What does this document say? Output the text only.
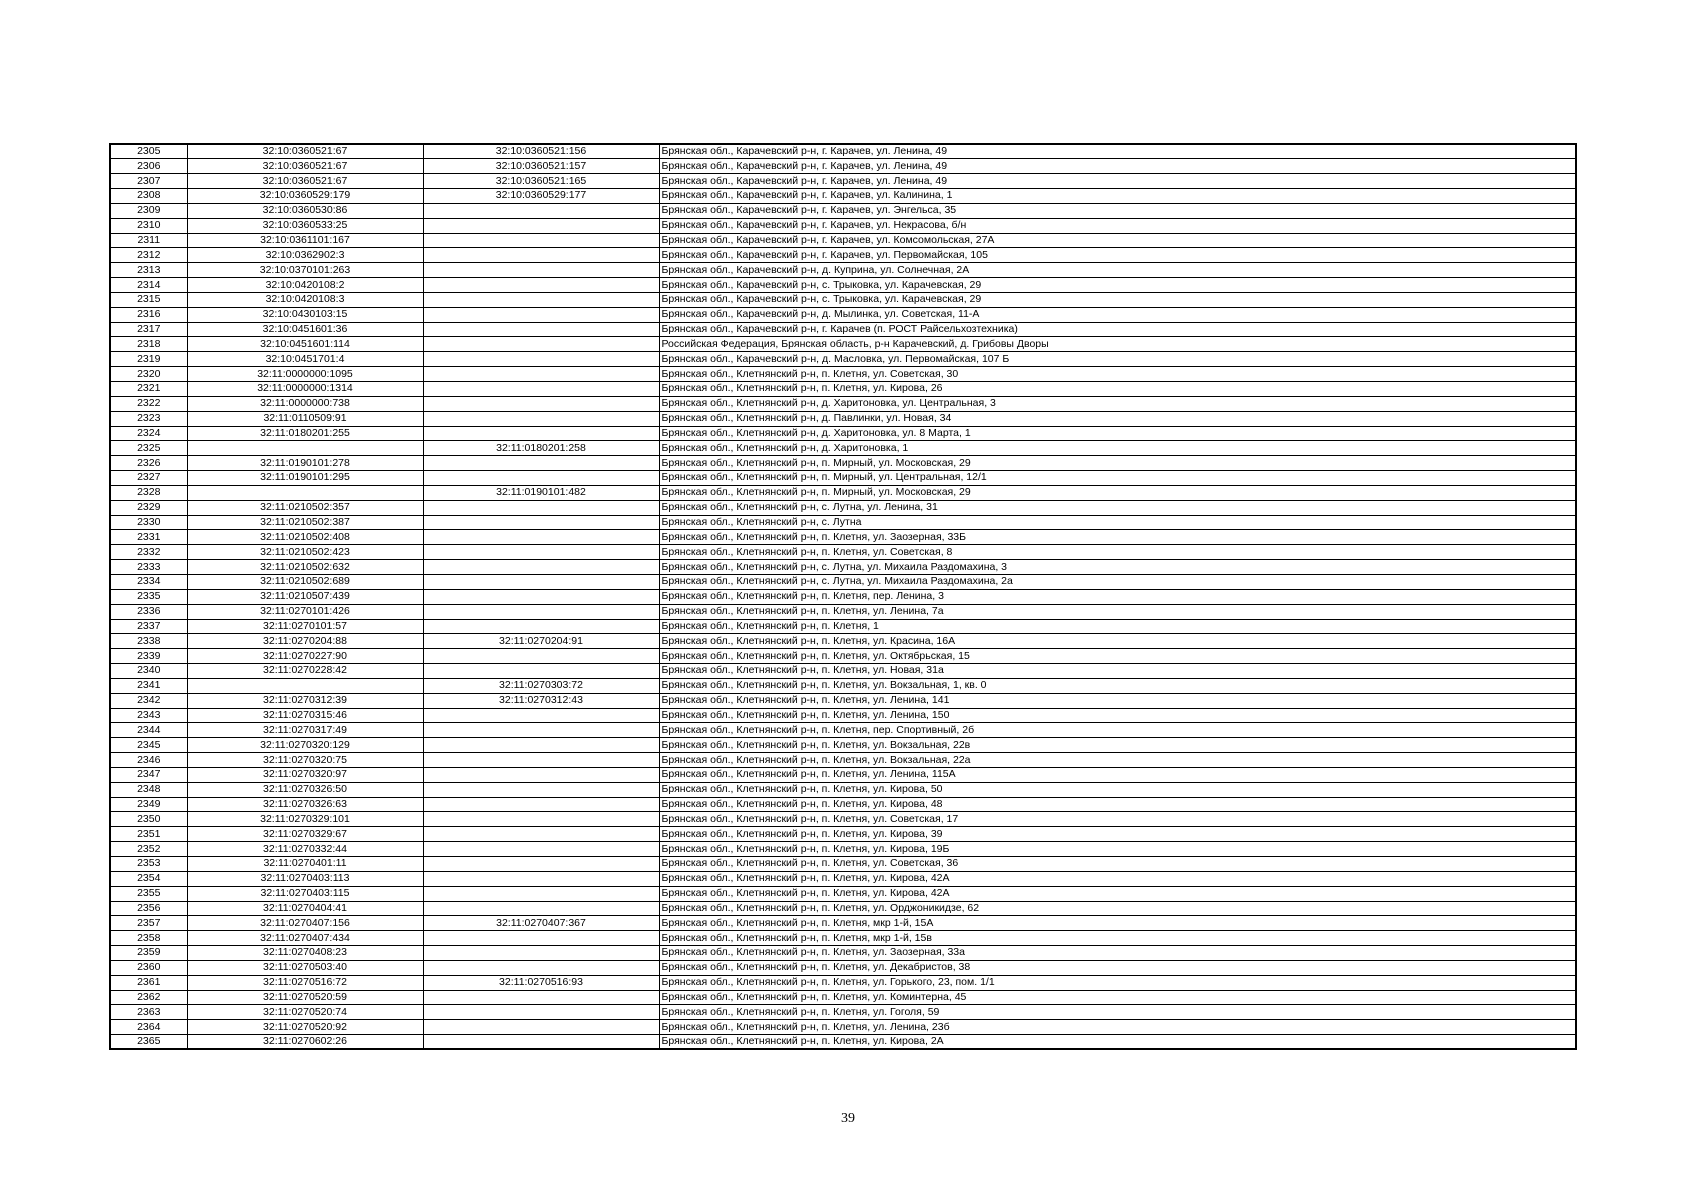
2305	32:10:0360521:67	32:10:0360521:156	Брянская обл., Карачевский р-н, г. Карачев, ул. Ленина, 49
2306	32:10:0360521:67	32:10:0360521:157	Брянская обл., Карачевский р-н, г. Карачев, ул. Ленина, 49
2307	32:10:0360521:67	32:10:0360521:165	Брянская обл., Карачевский р-н, г. Карачев, ул. Ленина, 49
2308	32:10:0360529:179	32:10:0360529:177	Брянская обл., Карачевский р-н, г. Карачев, ул. Калинина, 1
2309	32:10:0360530:86		Брянская обл., Карачевский р-н, г. Карачев, ул. Энгельса, 35
2310	32:10:0360533:25		Брянская обл., Карачевский р-н, г. Карачев, ул. Некрасова, б/н
2311	32:10:0361101:167		Брянская обл., Карачевский р-н, г. Карачев, ул. Комсомольская, 27А
2312	32:10:0362902:3		Брянская обл., Карачевский р-н, г. Карачев, ул. Первомайская, 105
2313	32:10:0370101:263		Брянская обл., Карачевский р-н, д. Куприна, ул. Солнечная, 2А
2314	32:10:0420108:2		Брянская обл., Карачевский р-н, с. Трыковка, ул. Карачевская, 29
2315	32:10:0420108:3		Брянская обл., Карачевский р-н, с. Трыковка, ул. Карачевская, 29
2316	32:10:0430103:15		Брянская обл., Карачевский р-н, д. Мылинка, ул. Советская, 11-А
2317	32:10:0451601:36		Брянская обл., Карачевский р-н, г. Карачев (п. РОСТ Райсельхозтехника)
2318	32:10:0451601:114		Российская Федерация, Брянская область, р-н Карачевский, д. Грибовы Дворы
2319	32:10:0451701:4		Брянская обл., Карачевский р-н, д. Масловка, ул. Первомайская, 107 Б
2320	32:11:0000000:1095		Брянская обл., Клетнянский р-н, п. Клетня, ул. Советская, 30
2321	32:11:0000000:1314		Брянская обл., Клетнянский р-н, п. Клетня, ул. Кирова, 26
2322	32:11:0000000:738		Брянская обл., Клетнянский р-н, д. Харитоновка, ул. Центральная, 3
2323	32:11:0110509:91		Брянская обл., Клетнянский р-н, д. Павлинки, ул. Новая, 34
2324	32:11:0180201:255		Брянская обл., Клетнянский р-н, д. Харитоновка, ул. 8 Марта, 1
2325		32:11:0180201:258	Брянская обл., Клетнянский р-н, д. Харитоновка, 1
2326	32:11:0190101:278		Брянская обл., Клетнянский р-н, п. Мирный, ул. Московская, 29
2327	32:11:0190101:295		Брянская обл., Клетнянский р-н, п. Мирный, ул. Центральная, 12/1
2328		32:11:0190101:482	Брянская обл., Клетнянский р-н, п. Мирный, ул. Московская, 29
2329	32:11:0210502:357		Брянская обл., Клетнянский р-н, с. Лутна, ул. Ленина, 31
2330	32:11:0210502:387		Брянская обл., Клетнянский р-н, с. Лутна
2331	32:11:0210502:408		Брянская обл., Клетнянский р-н, п. Клетня, ул. Заозерная, 33Б
2332	32:11:0210502:423		Брянская обл., Клетнянский р-н, п. Клетня, ул. Советская, 8
2333	32:11:0210502:632		Брянская обл., Клетнянский р-н, с. Лутна, ул. Михаила Раздомахина, 3
2334	32:11:0210502:689		Брянская обл., Клетнянский р-н, с. Лутна, ул. Михаила Раздомахина, 2а
2335	32:11:0210507:439		Брянская обл., Клетнянский р-н, п. Клетня, пер. Ленина, 3
2336	32:11:0270101:426		Брянская обл., Клетнянский р-н, п. Клетня, ул. Ленина, 7а
2337	32:11:0270101:57		Брянская обл., Клетнянский р-н, п. Клетня, 1
2338	32:11:0270204:88	32:11:0270204:91	Брянская обл., Клетнянский р-н, п. Клетня, ул. Красина, 16А
2339	32:11:0270227:90		Брянская обл., Клетнянский р-н, п. Клетня, ул. Октябрьская, 15
2340	32:11:0270228:42		Брянская обл., Клетнянский р-н, п. Клетня, ул. Новая, 31а
2341		32:11:0270303:72	Брянская обл., Клетнянский р-н, п. Клетня, ул. Вокзальная, 1, кв. 0
2342	32:11:0270312:39	32:11:0270312:43	Брянская обл., Клетнянский р-н, п. Клетня, ул. Ленина, 141
2343	32:11:0270315:46		Брянская обл., Клетнянский р-н, п. Клетня, ул. Ленина, 150
2344	32:11:0270317:49		Брянская обл., Клетнянский р-н, п. Клетня, пер. Спортивный, 2б
2345	32:11:0270320:129		Брянская обл., Клетнянский р-н, п. Клетня, ул. Вокзальная, 22в
2346	32:11:0270320:75		Брянская обл., Клетнянский р-н, п. Клетня, ул. Вокзальная, 22а
2347	32:11:0270320:97		Брянская обл., Клетнянский р-н, п. Клетня, ул. Ленина, 115А
2348	32:11:0270326:50		Брянская обл., Клетнянский р-н, п. Клетня, ул. Кирова, 50
2349	32:11:0270326:63		Брянская обл., Клетнянский р-н, п. Клетня, ул. Кирова, 48
2350	32:11:0270329:101		Брянская обл., Клетнянский р-н, п. Клетня, ул. Советская, 17
2351	32:11:0270329:67		Брянская обл., Клетнянский р-н, п. Клетня, ул. Кирова, 39
2352	32:11:0270332:44		Брянская обл., Клетнянский р-н, п. Клетня, ул. Кирова, 19Б
2353	32:11:0270401:11		Брянская обл., Клетнянский р-н, п. Клетня, ул. Советская, 36
2354	32:11:0270403:113		Брянская обл., Клетнянский р-н, п. Клетня, ул. Кирова, 42А
2355	32:11:0270403:115		Брянская обл., Клетнянский р-н, п. Клетня, ул. Кирова, 42А
2356	32:11:0270404:41		Брянская обл., Клетнянский р-н, п. Клетня, ул. Орджоникидзе, 62
2357	32:11:0270407:156	32:11:0270407:367	Брянская обл., Клетнянский р-н, п. Клетня, мкр 1-й, 15А
2358	32:11:0270407:434		Брянская обл., Клетнянский р-н, п. Клетня, мкр 1-й, 15в
2359	32:11:0270408:23		Брянская обл., Клетнянский р-н, п. Клетня, ул. Заозерная, 33а
2360	32:11:0270503:40		Брянская обл., Клетнянский р-н, п. Клетня, ул. Декабристов, 38
2361	32:11:0270516:72	32:11:0270516:93	Брянская обл., Клетнянский р-н, п. Клетня, ул. Горького, 23, пом. 1/1
2362	32:11:0270520:59		Брянская обл., Клетнянский р-н, п. Клетня, ул. Коминтерна, 45
2363	32:11:0270520:74		Брянская обл., Клетнянский р-н, п. Клетня, ул. Гоголя, 59
2364	32:11:0270520:92		Брянская обл., Клетнянский р-н, п. Клетня, ул. Ленина, 23б
2365	32:11:0270602:26		Брянская обл., Клетнянский р-н, п. Клетня, ул. Кирова, 2А
39
